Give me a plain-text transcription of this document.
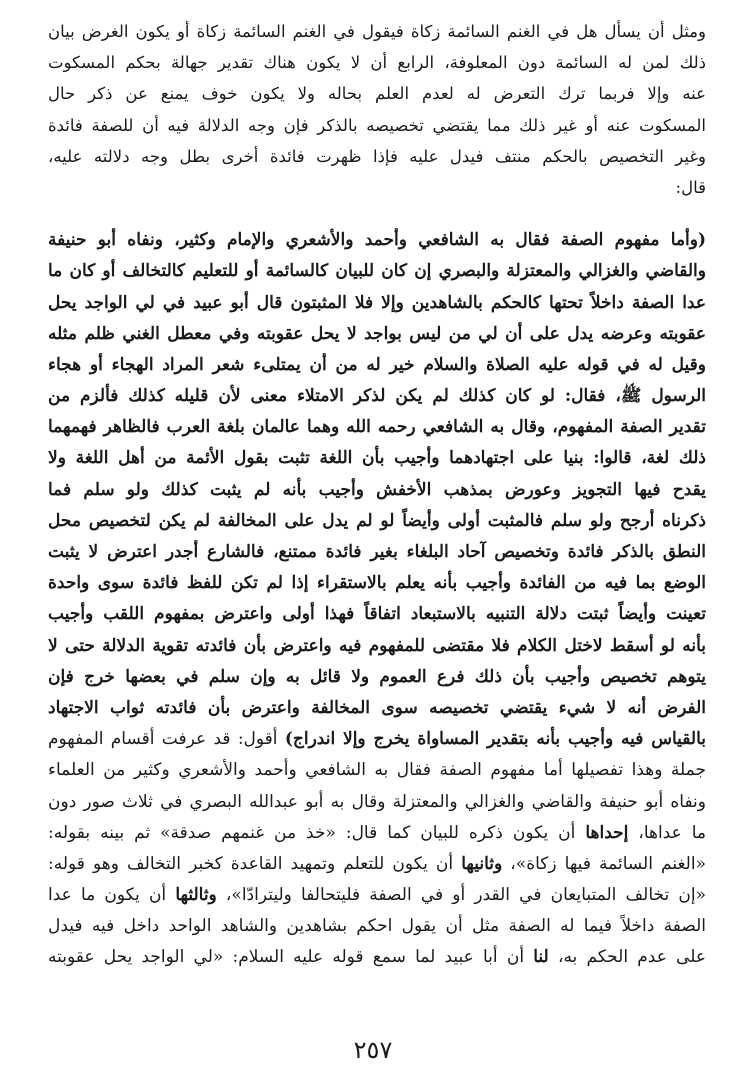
ومثل أن يسأل هل في الغنم السائمة زكاة فيقول في الغنم السائمة زكاة أو يكون الغرض بيان
ذلك لمن له السائمة دون المعلوفة، الرابع أن لا يكون هناك تقدير جهالة بحكم المسكوت
عنه وإلا فربما ترك التعرض له لعدم العلم بحاله ولا يكون خوف يمنع عن ذكر حال
المسكوت عنه أو غير ذلك مما يقتضي تخصيصه بالذكر فإن وجه الدلالة فيه أن للصفة فائدة
وغير التخصيص بالحكم منتف فيدل عليه فإذا ظهرت فائدة أخرى بطل وجه دلالته عليه،
قال:
(وأما مفهوم الصفة فقال به الشافعي وأحمد والأشعري والإمام وكثير، ونفاه أبو حنيفة
والقاضي والغزالي والمعتزلة والبصري إن كان للبيان كالسائمة أو للتعليم كالتخالف أو كان ما
عدا الصفة داخلاً تحتها كالحكم بالشاهدين وإلا فلا المثبتون قال أبو عبيد في لي الواجد يحل
عقوبته وعرضه يدل على أن لي من ليس بواجد لا يحل عقوبته وفي معطل الغني ظلم مثله
وقيل له في قوله عليه الصلاة والسلام خير له من أن يمتلىء شعر المراد الهجاء أو هجاء
الرسول ﷺ، فقال: لو كان كذلك لم يكن لذكر الامتلاء معنى لأن قليله كذلك فألزم من
تقدير الصفة المفهوم، وقال به الشافعي رحمه الله وهما عالمان بلغة العرب فالظاهر فهمهما
ذلك لغة، قالوا: بنيا على اجتهادهما وأجيب بأن اللغة تثبت بقول الأئمة من أهل اللغة ولا
يقدح فيها التجويز وعورض بمذهب الأخفش وأجيب بأنه لم يثبت كذلك ولو سلم فما
ذكرناه أرجح ولو سلم فالمثبت أولى وأيضاً لو لم يدل على المخالفة لم يكن لتخصيص محل
النطق بالذكر فائدة وتخصيص آحاد البلغاء بغير فائدة ممتنع، فالشارع أجدر اعترض لا يثبت
الوضع بما فيه من الفائدة وأجيب بأنه يعلم بالاستقراء إذا لم تكن للفظ فائدة سوى واحدة
تعينت وأيضاً ثبتت دلالة التنبيه بالاستبعاد اتفاقاً فهذا أولى واعترض بمفهوم اللقب وأجيب
بأنه لو أسقط لاختل الكلام فلا مقتضى للمفهوم فيه واعترض بأن فائدته تقوية الدلالة حتى لا
يتوهم تخصيص وأجيب بأن ذلك فرع العموم ولا قائل به وإن سلم في بعضها خرج فإن
الفرض أنه لا شيء يقتضي تخصيصه سوى المخالفة واعترض بأن فائدته ثواب الاجتهاد
بالقياس فيه وأجيب بأنه بتقدير المساواة يخرج وإلا اندراج) أقول: قد عرفت أقسام المفهوم
جملة وهذا تفصيلها أما مفهوم الصفة فقال به الشافعي وأحمد والأشعري وكثير من العلماء
ونفاه أبو حنيفة والقاضي والغزالي والمعتزلة وقال به أبو عبدالله البصري في ثلاث صور دون
ما عداها، إحداها أن يكون ذكره للبيان كما قال: «خذ من غنمهم صدقة» ثم بينه بقوله:
«الغنم السائمة فيها زكاة»، وثانيها أن يكون للتعلم وتمهيد القاعدة كخبر التخالف وهو قوله:
«إن تخالف المتبايعان في القدر أو في الصفة فليتحالفا وليترادّا»، وثالثها أن يكون ما عدا
الصفة داخلاً فيما له الصفة مثل أن يقول احكم بشاهدين والشاهد الواحد داخل فيه فيدل
على عدم الحكم به، لنا أن أبا عبيد لما سمع قوله عليه السلام: «لي الواجد يحل عقوبته
٢٥٧
